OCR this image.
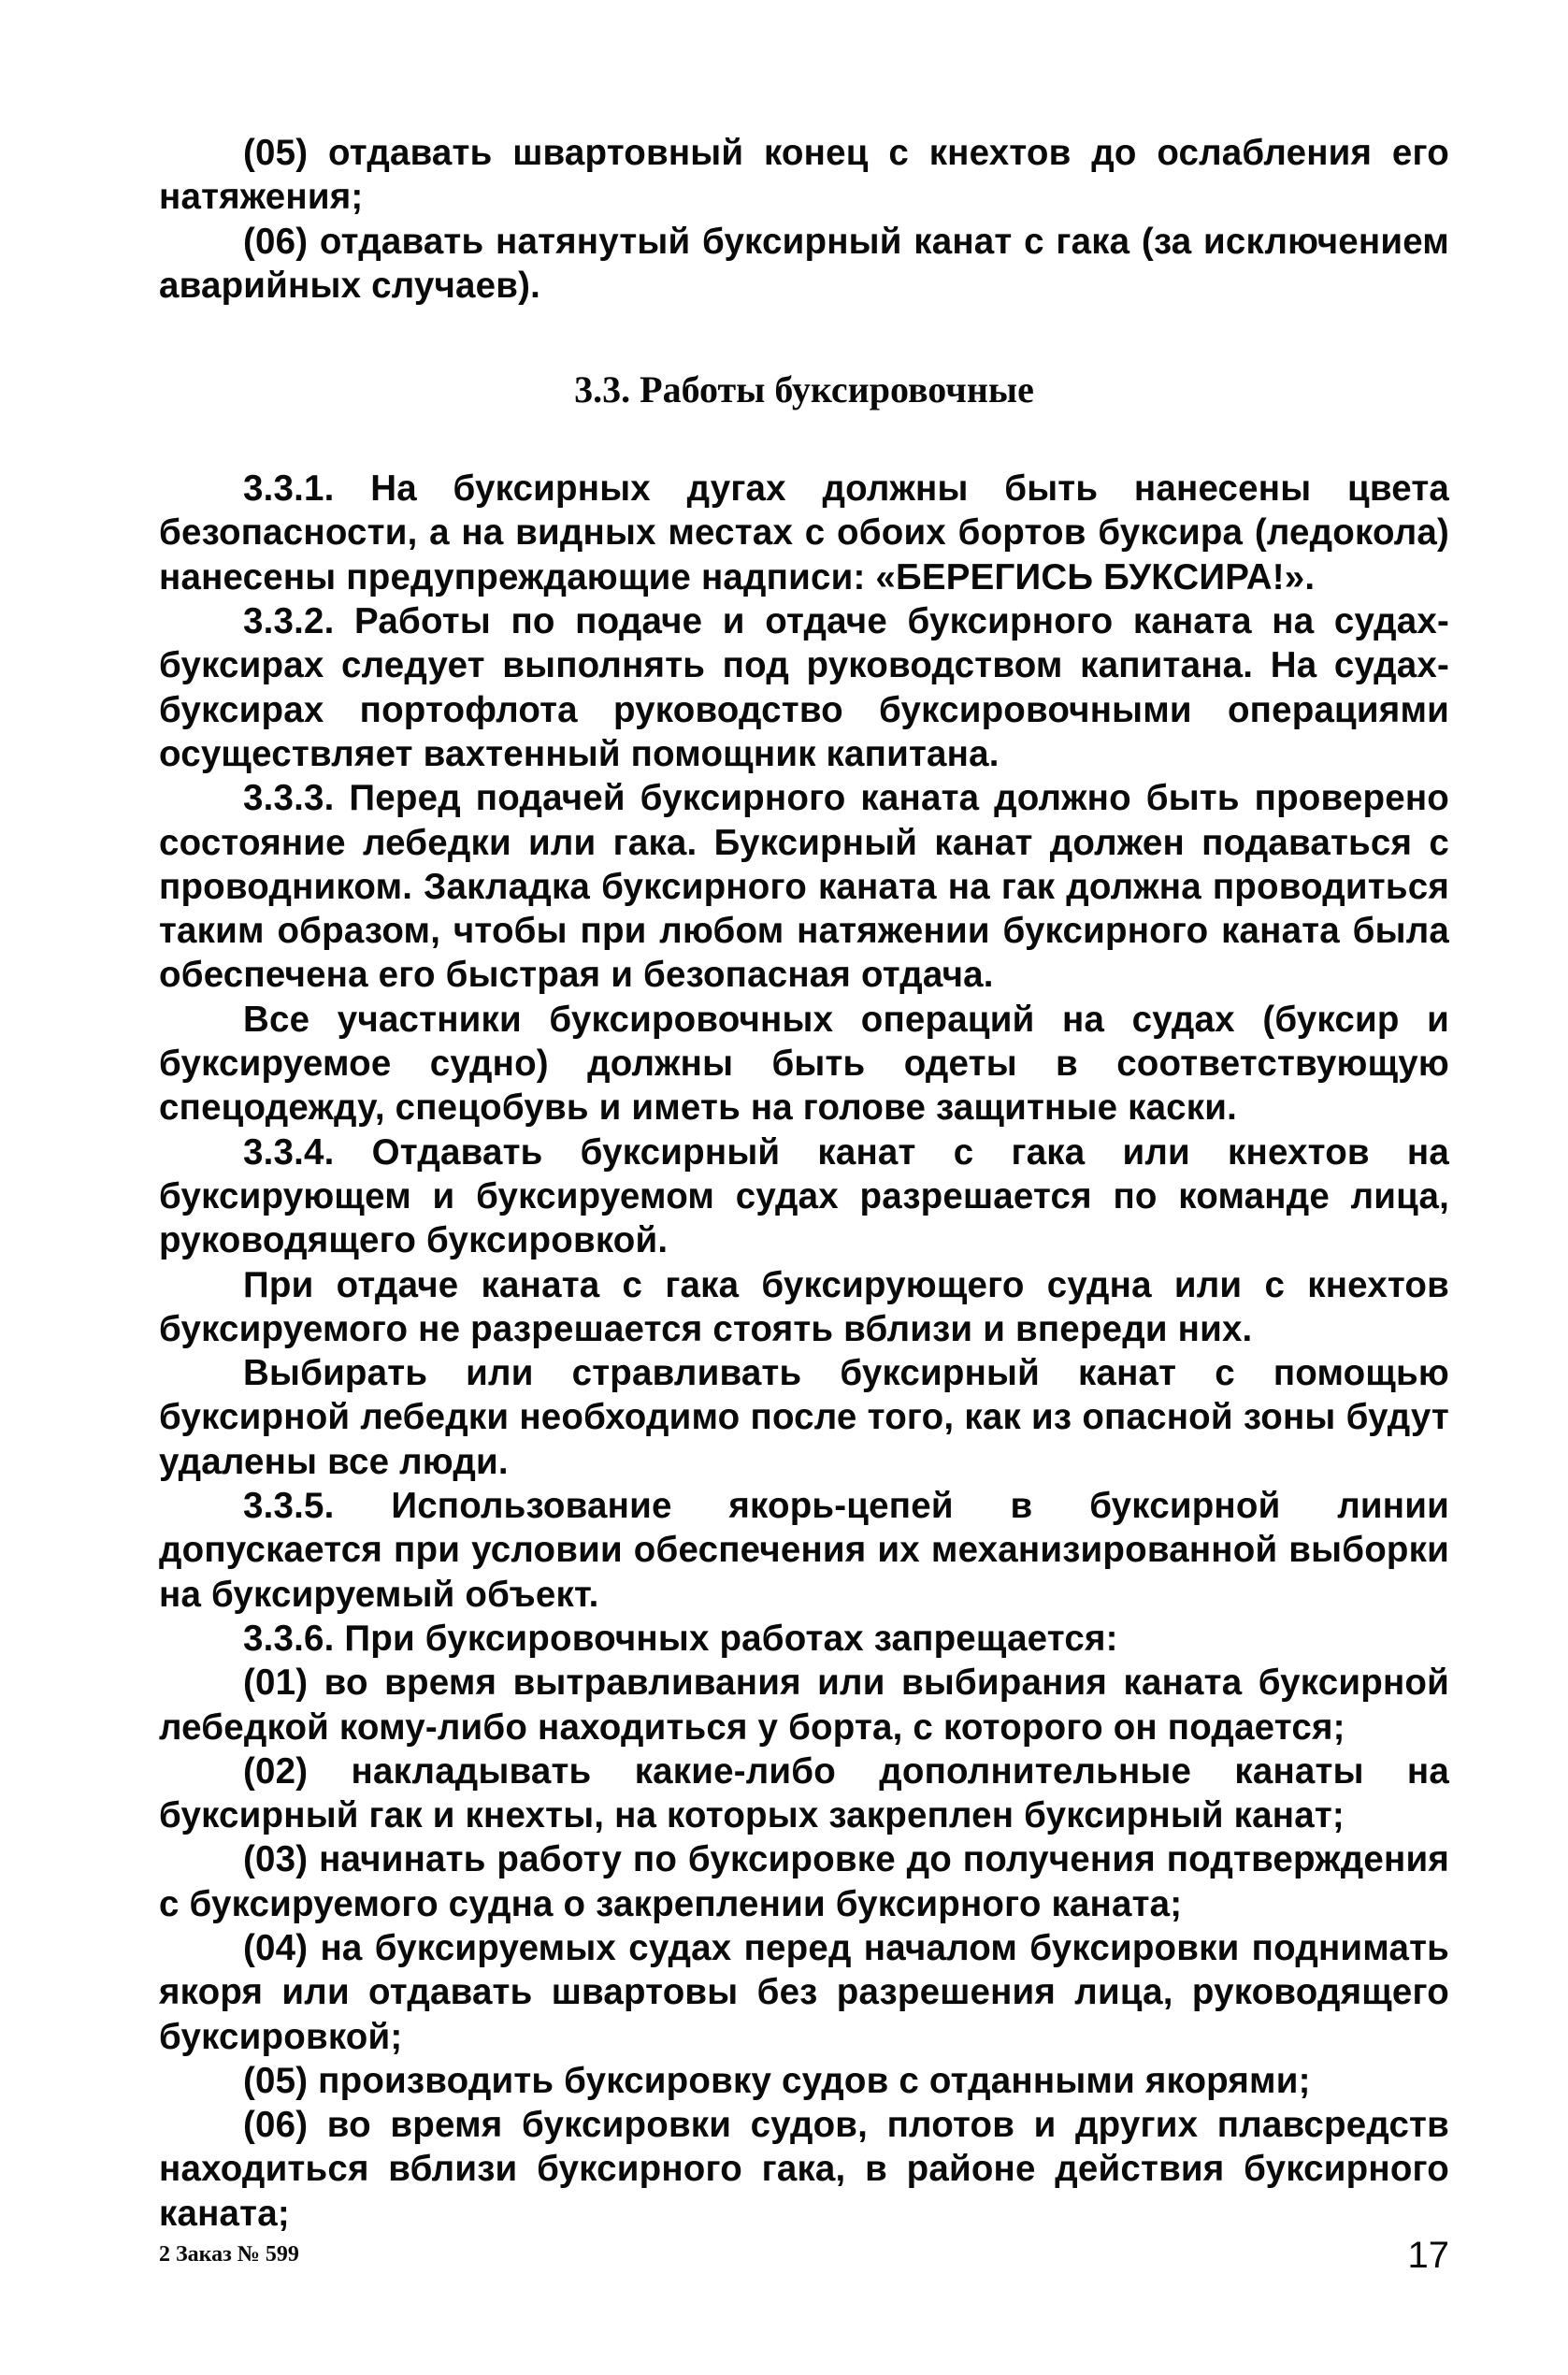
(05) отдавать швартовный конец с кнехтов до ослабления его натяжения;

(06) отдавать натянутый буксирный канат с гака (за исключением аварийных случаев).

3.3. Работы буксировочные

3.3.1. На буксирных дугах должны быть нанесены цвета безопасности, а на видных местах с обоих бортов буксира (ледокола) нанесены предупреждающие надписи: «БЕРЕГИСЬ БУКСИРА!».

3.3.2. Работы по подаче и отдаче буксирного каната на судах-буксирах следует выполнять под руководством капитана. На судах-буксирах портофлота руководство буксировочными операциями осуществляет вахтенный помощник капитана.

3.3.3. Перед подачей буксирного каната должно быть проверено состояние лебедки или гака. Буксирный канат должен подаваться с проводником. Закладка буксирного каната на гак должна проводиться таким образом, чтобы при любом натяжении буксирного каната была обеспечена его быстрая и безопасная отдача.

Все участники буксировочных операций на судах (буксир и буксируемое судно) должны быть одеты в соответствующую спецодежду, спецобувь и иметь на голове защитные каски.

3.3.4. Отдавать буксирный канат с гака или кнехтов на буксирующем и буксируемом судах разрешается по команде лица, руководящего буксировкой.

При отдаче каната с гака буксирующего судна или с кнехтов буксируемого не разрешается стоять вблизи и впереди них.

Выбирать или стравливать буксирный канат с помощью буксирной лебедки необходимо после того, как из опасной зоны будут удалены все люди.

3.3.5. Использование якорь-цепей в буксирной линии допускается при условии обеспечения их механизированной выборки на буксируемый объект.

3.3.6. При буксировочных работах запрещается:

(01) во время вытравливания или выбирания каната буксирной лебедкой кому-либо находиться у борта, с которого он подается;

(02) накладывать какие-либо дополнительные канаты на буксирный гак и кнехты, на которых закреплен буксирный канат;

(03) начинать работу по буксировке до получения подтверждения с буксируемого судна о закреплении буксирного каната;

(04) на буксируемых судах перед началом буксировки поднимать якоря или отдавать швартовы без разрешения лица, руководящего буксировкой;

(05) производить буксировку судов с отданными якорями;

(06) во время буксировки судов, плотов и других плавсредств находиться вблизи буксирного гака, в районе действия буксирного каната;

2 Заказ № 599	17
